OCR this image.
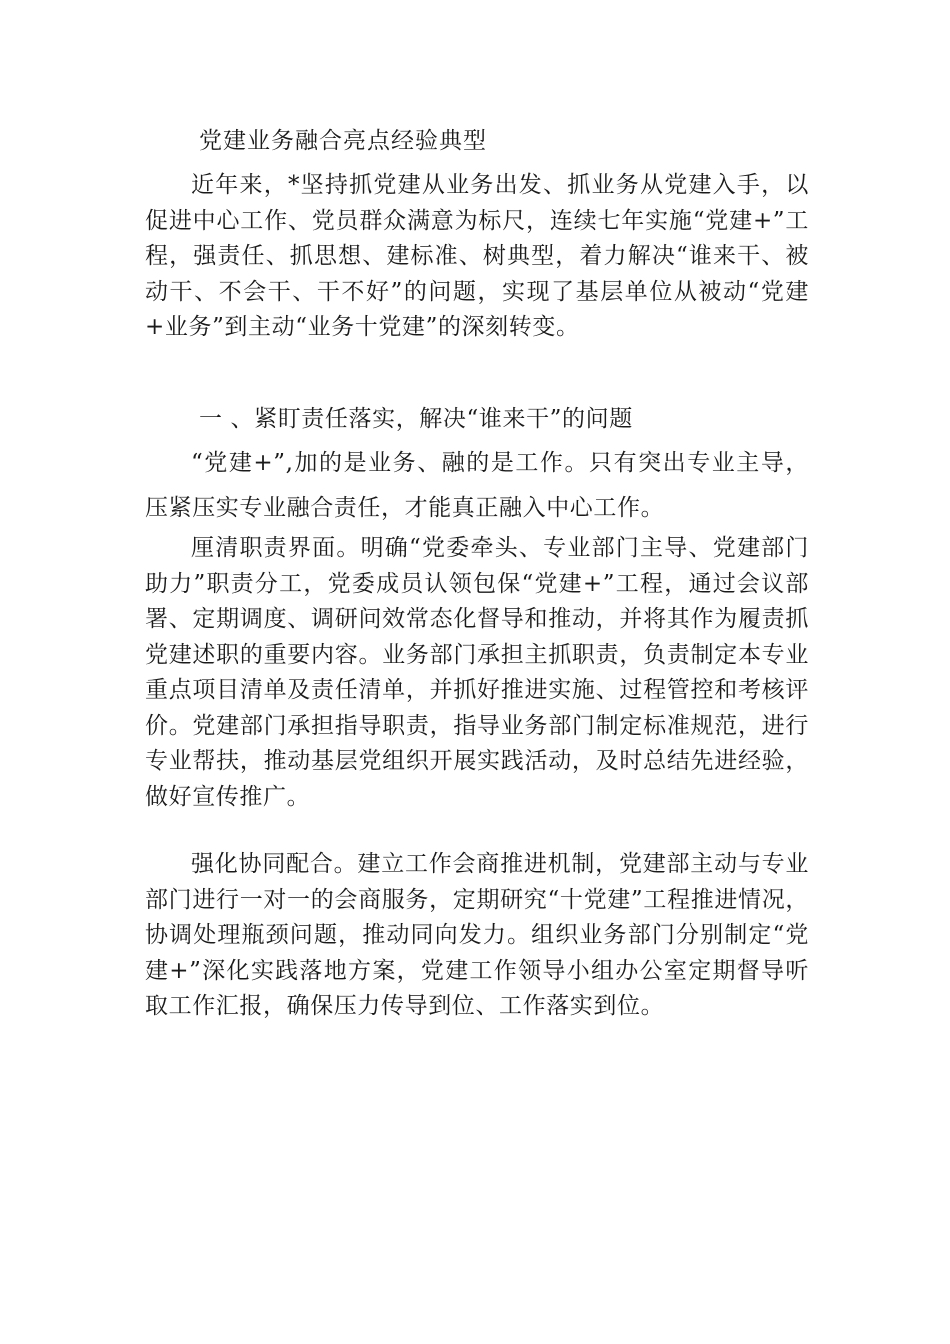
党建业务融合亮点经验典型

近年来，*坚持抓党建从业务出发、抓业务从党建入手，以促进中心工作、党员群众满意为标尺，连续七年实施“党建+”工程，强责任、抓思想、建标准、树典型，着力解决“谁来干、被动干、不会干、干不好”的问题，实现了基层单位从被动“党建+业务”到主动“业务十党建”的深刻转变。

一 、紧盯责任落实，解决“谁来干”的问题

“党建+”,加的是业务、融的是工作。只有突出专业主导，压紧压实专业融合责任，才能真正融入中心工作。

厘清职责界面。明确“党委牵头、专业部门主导、党建部门助力”职责分工，党委成员认领包保“党建+”工程，通过会议部署、定期调度、调研问效常态化督导和推动，并将其作为履责抓党建述职的重要内容。业务部门承担主抓职责，负责制定本专业重点项目清单及责任清单，并抓好推进实施、过程管控和考核评价。党建部门承担指导职责，指导业务部门制定标准规范，进行专业帮扶，推动基层党组织开展实践活动，及时总结先进经验，做好宣传推广。

强化协同配合。建立工作会商推进机制，党建部主动与专业部门进行一对一的会商服务，定期研究“十党建”工程推进情况，协调处理瓶颈问题，推动同向发力。组织业务部门分别制定“党建+”深化实践落地方案，党建工作领导小组办公室定期督导听取工作汇报，确保压力传导到位、工作落实到位。
